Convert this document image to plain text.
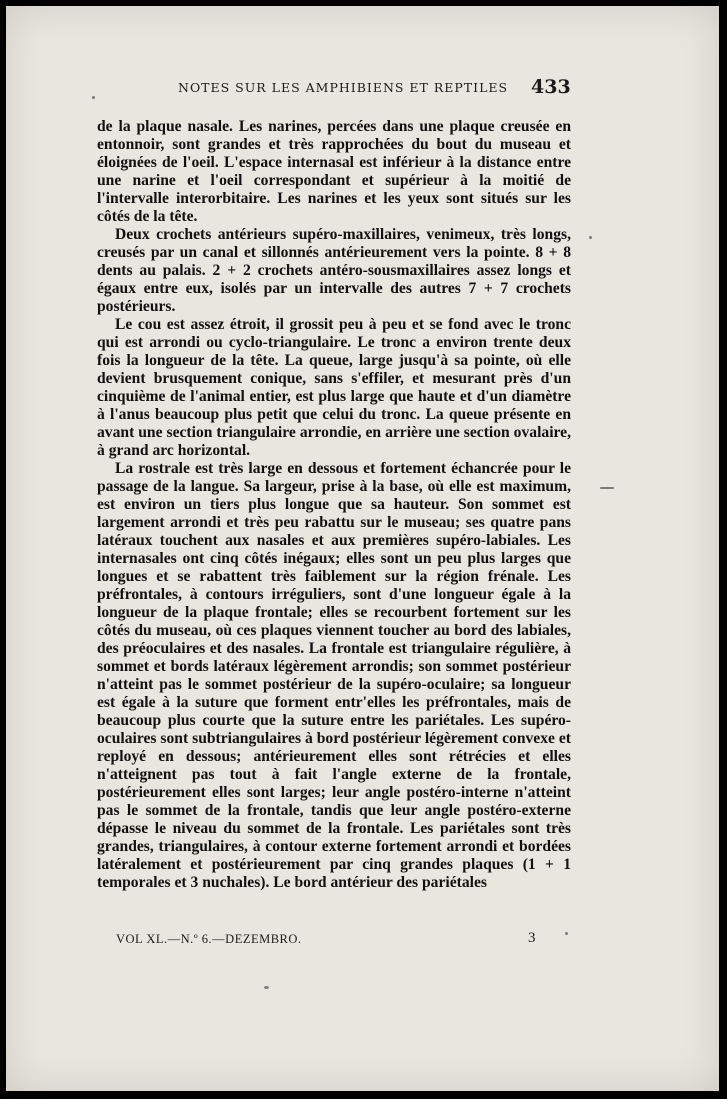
NOTES SUR LES AMPHIBIENS ET REPTILES 433

de la plaque nasale. Les narines, percées dans une plaque creusée en entonnoir, sont grandes et très rapprochées du bout du museau et éloignées de l'oeil. L'espace internasal est inférieur à la distance entre une narine et l'oeil correspondant et supérieur à la moitié de l'intervalle interorbitaire. Les narines et les yeux sont situés sur les côtés de la tête.

Deux crochets antérieurs supéro-maxillaires, venimeux, très longs, creusés par un canal et sillonnés antérieurement vers la pointe. 8 + 8 dents au palais. 2 + 2 crochets antéro-sousmaxillaires assez longs et égaux entre eux, isolés par un intervalle des autres 7 + 7 crochets postérieurs.

Le cou est assez étroit, il grossit peu à peu et se fond avec le tronc qui est arrondi ou cyclo-triangulaire. Le tronc a environ trente deux fois la longueur de la tête. La queue, large jusqu'à sa pointe, où elle devient brusquement conique, sans s'effiler, et mesurant près d'un cinquième de l'animal entier, est plus large que haute et d'un diamètre à l'anus beaucoup plus petit que celui du tronc. La queue présente en avant une section triangulaire arrondie, en arrière une section ovalaire, à grand arc horizontal.

La rostrale est très large en dessous et fortement échancrée pour le passage de la langue. Sa largeur, prise à la base, où elle est maximum, est environ un tiers plus longue que sa hauteur. Son sommet est largement arrondi et très peu rabattu sur le museau; ses quatre pans latéraux touchent aux nasales et aux premières supéro-labiales. Les internasales ont cinq côtés inégaux; elles sont un peu plus larges que longues et se rabattent très faiblement sur la région frénale. Les préfrontales, à contours irréguliers, sont d'une longueur égale à la longueur de la plaque frontale; elles se recourbent fortement sur les côtés du museau, où ces plaques viennent toucher au bord des labiales, des préoculaires et des nasales. La frontale est triangulaire régulière, à sommet et bords latéraux légèrement arrondis; son sommet postérieur n'atteint pas le sommet postérieur de la supéro-oculaire; sa longueur est égale à la suture que forment entr'elles les préfrontales, mais de beaucoup plus courte que la suture entre les pariétales. Les supéro-oculaires sont subtriangulaires à bord postérieur légèrement convexe et reployé en dessous; antérieurement elles sont rétrécies et elles n'atteignent pas tout à fait l'angle externe de la frontale, postérieurement elles sont larges; leur angle postéro-interne n'atteint pas le sommet de la frontale, tandis que leur angle postéro-externe dépasse le niveau du sommet de la frontale. Les pariétales sont très grandes, triangulaires, à contour externe fortement arrondi et bordées latéralement et postérieurement par cinq grandes plaques (1 + 1 temporales et 3 nuchales). Le bord antérieur des pariétales

VOL XL.—N.º 6.—DEZEMBRO.	3
